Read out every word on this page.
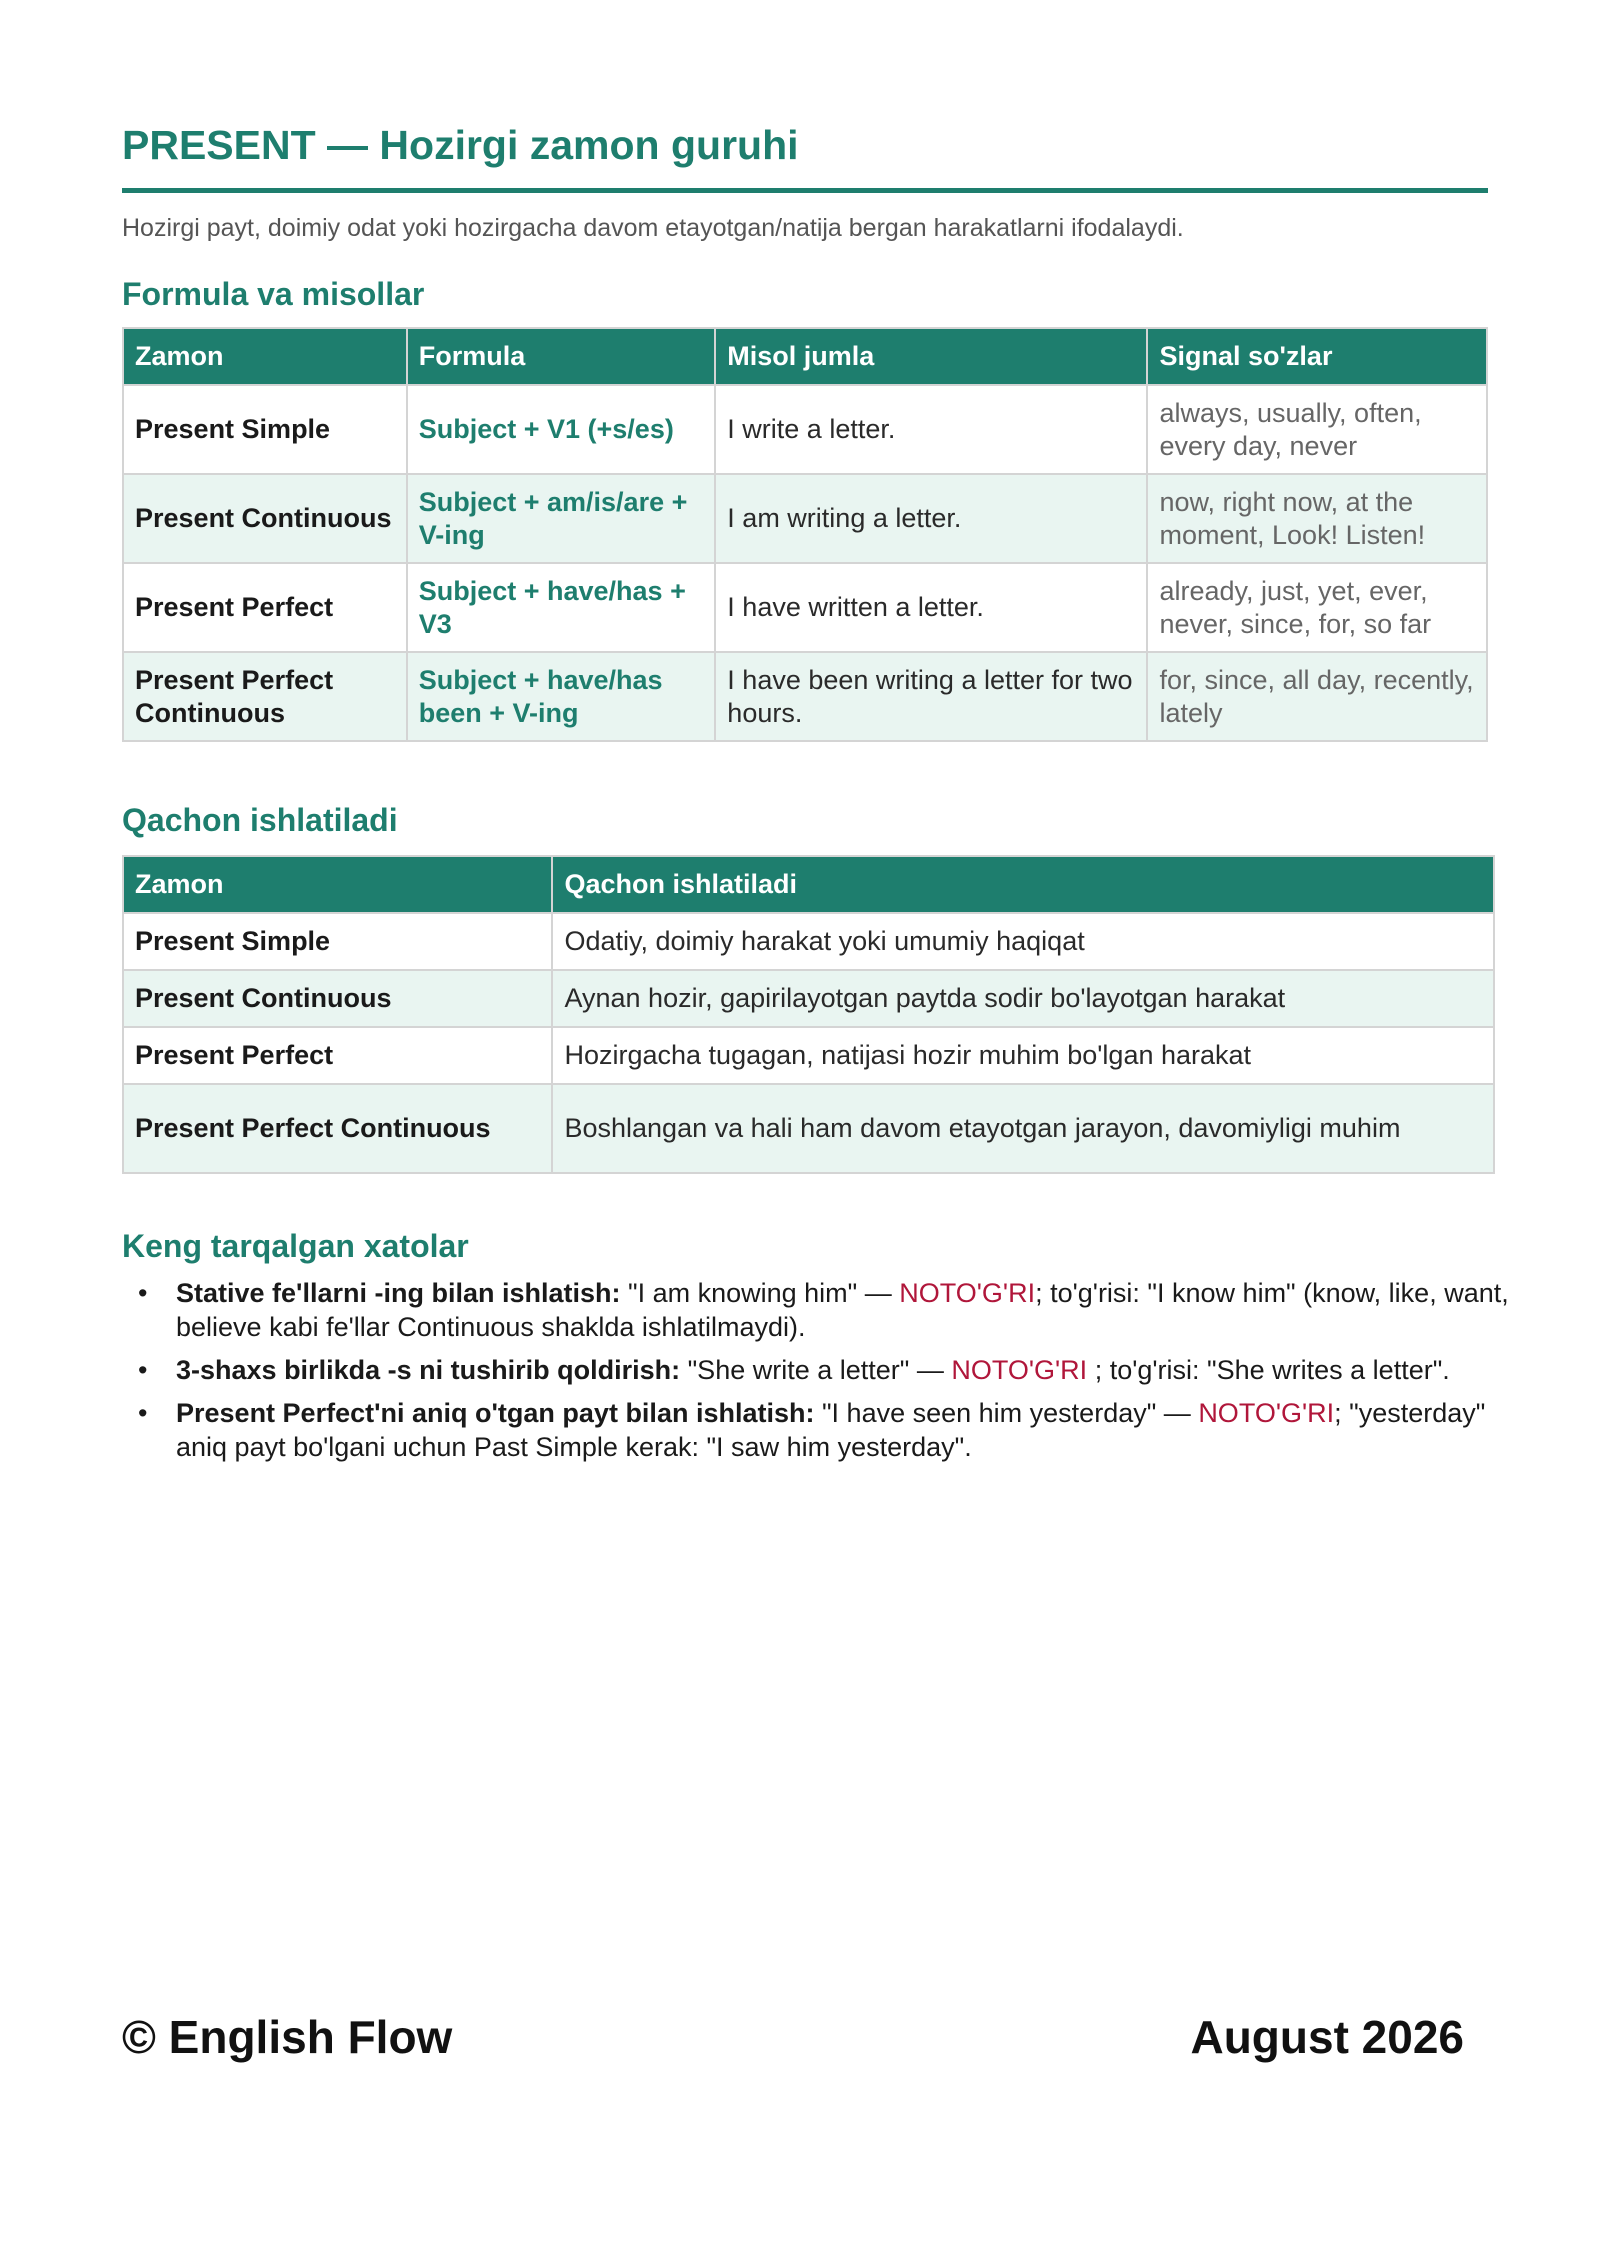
PRESENT — Hozirgi zamon guruhi
Hozirgi payt, doimiy odat yoki hozirgacha davom etayotgan/natija bergan harakatlarni ifodalaydi.
Formula va misollar
Zamon	Formula	Misol jumla	Signal so'zlar
Present Simple	Subject + V1 (+s/es)	I write a letter.	always, usually, often, every day, never
Present Continuous	Subject + am/is/are + V-ing	I am writing a letter.	now, right now, at the moment, Look! Listen!
Present Perfect	Subject + have/has + V3	I have written a letter.	already, just, yet, ever, never, since, for, so far
Present Perfect Continuous	Subject + have/has been + V-ing	I have been writing a letter for two hours.	for, since, all day, recently, lately
Qachon ishlatiladi
Zamon	Qachon ishlatiladi
Present Simple	Odatiy, doimiy harakat yoki umumiy haqiqat
Present Continuous	Aynan hozir, gapirilayotgan paytda sodir bo'layotgan harakat
Present Perfect	Hozirgacha tugagan, natijasi hozir muhim bo'lgan harakat
Present Perfect Continuous	Boshlangan va hali ham davom etayotgan jarayon, davomiyligi muhim
Keng tarqalgan xatolar
• Stative fe'llarni -ing bilan ishlatish: "I am knowing him" — NOTO'G'RI; to'g'risi: "I know him" (know, like, want, believe kabi fe'llar Continuous shaklda ishlatilmaydi).
• 3-shaxs birlikda -s ni tushirib qoldirish: "She write a letter" — NOTO'G'RI ; to'g'risi: "She writes a letter".
• Present Perfect'ni aniq o'tgan payt bilan ishlatish: "I have seen him yesterday" — NOTO'G'RI; "yesterday" aniq payt bo'lgani uchun Past Simple kerak: "I saw him yesterday".
© English Flow	August 2026
